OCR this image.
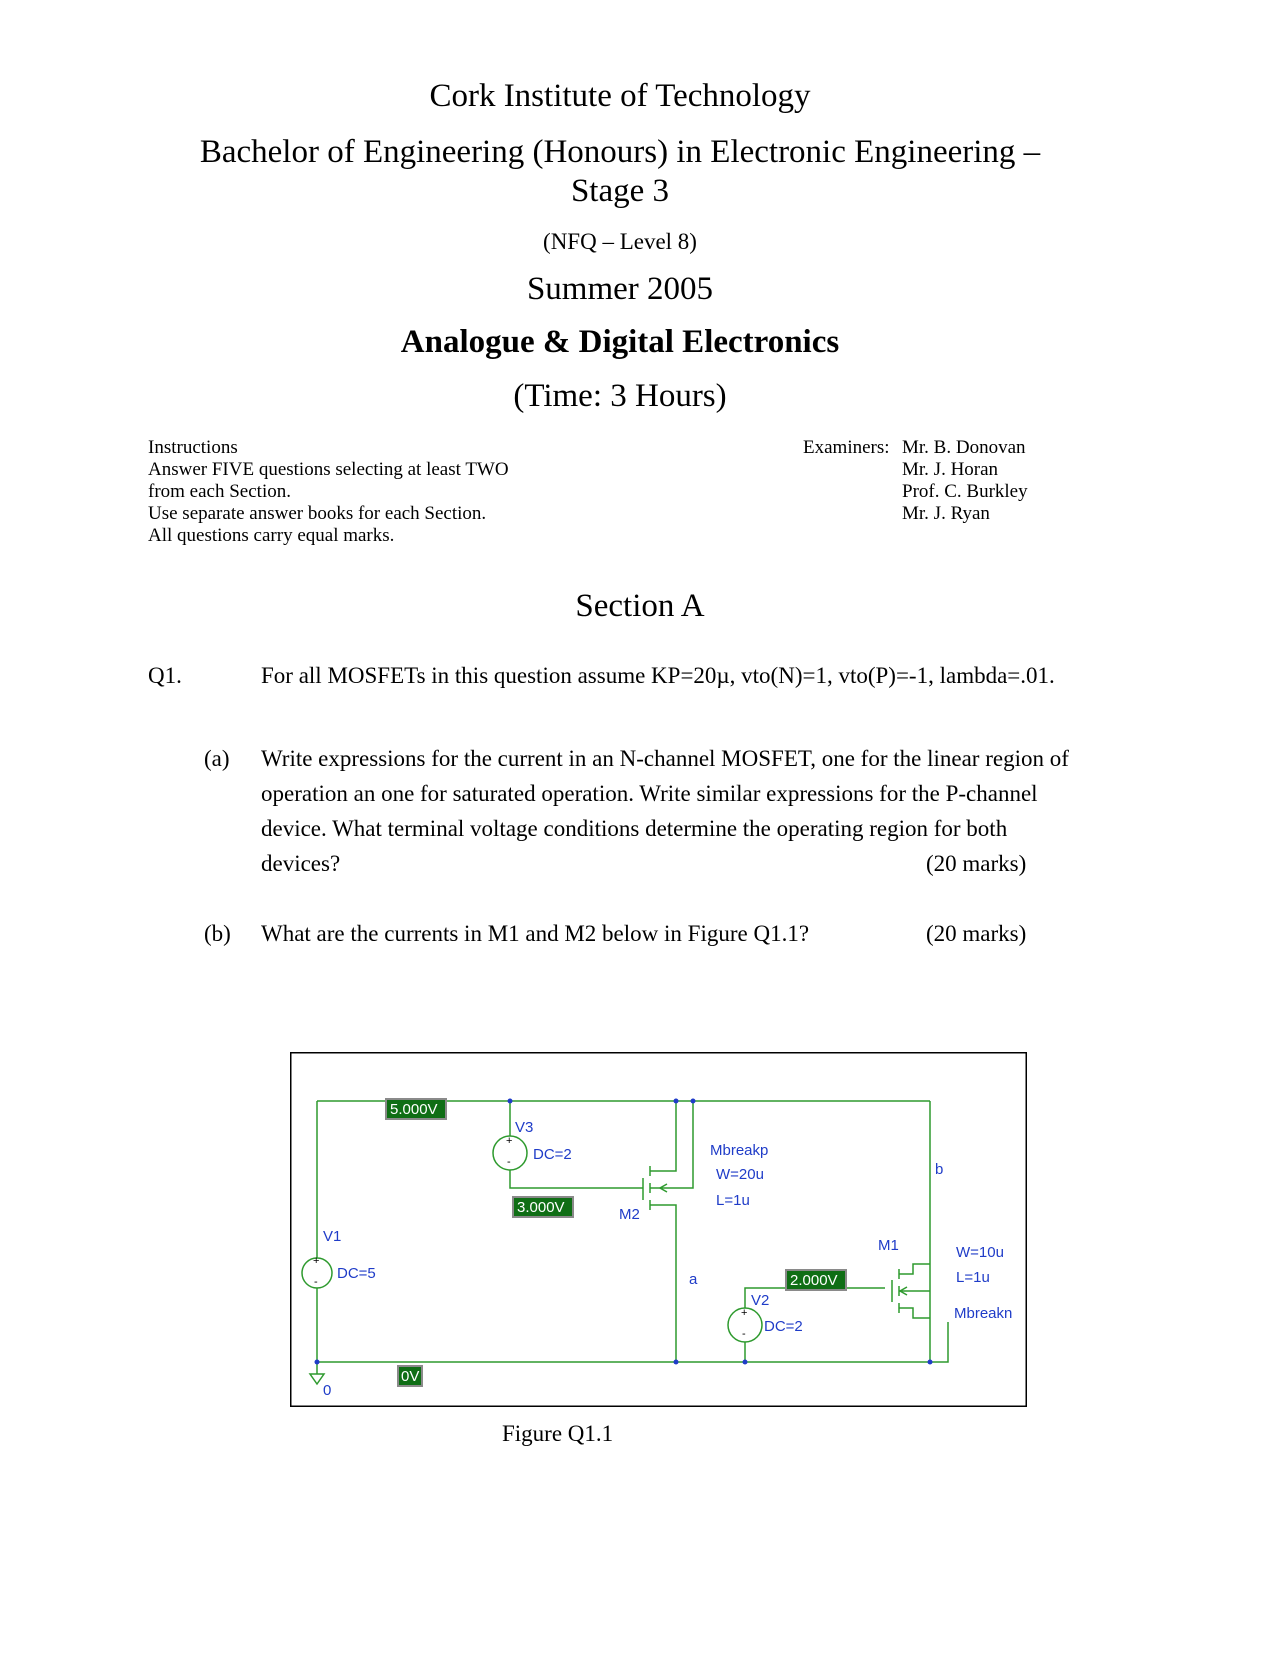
Cork Institute of Technology
Bachelor of Engineering (Honours) in Electronic Engineering –
Stage 3
(NFQ – Level 8)
Summer 2005
Analogue & Digital Electronics
(Time: 3 Hours)
Instructions
Answer FIVE questions selecting at least TWO
from each Section.
Use separate answer books for each Section.
All questions carry equal marks.
Examiners: Mr. B. Donovan
Mr. J. Horan
Prof. C. Burkley
Mr. J. Ryan
Section A
Q1.	For all MOSFETs in this question assume KP=20µ, vto(N)=1, vto(P)=-1, lambda=.01.
(a) Write expressions for the current in an N-channel MOSFET, one for the linear region of
operation an one for saturated operation. Write similar expressions for the P-channel
device. What terminal voltage conditions determine the operating region for both
devices?	(20 marks)
(b) What are the currents in M1 and M2 below in Figure Q1.1?	(20 marks)
+
-
+
-
+
-
5.000V
3.000V
2.000V
0V
V1
DC=5
V3
DC=2
M2
Mbreakp
W=20u
L=1u
a
b
M1	W=10u
L=1u
Mbreakn
V2
DC=2
0
Figure Q1.1
